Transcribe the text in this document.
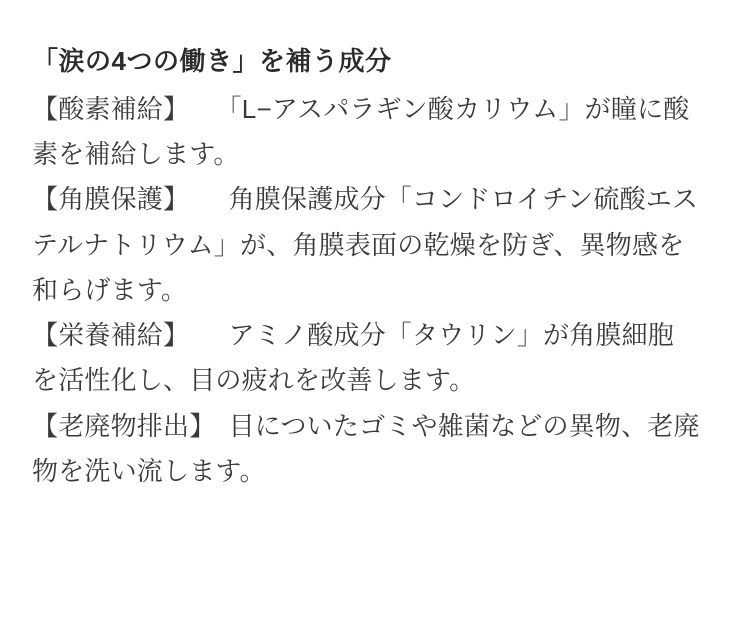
「涙の4つの働き」を補う成分

【酸素補給】　　「L−アスパラギン酸カリウム」が瞳に酸素を補給します。

【角膜保護】　　角膜保護成分「コンドロイチン硫酸エステルナトリウム」が、角膜表面の乾燥を防ぎ、異物感を和らげます。

【栄養補給】　　アミノ酸成分「タウリン」が角膜細胞を活性化し、目の疲れを改善します。

【老廃物排出】　目についたゴミや雑菌などの異物、老廃物を洗い流します。
